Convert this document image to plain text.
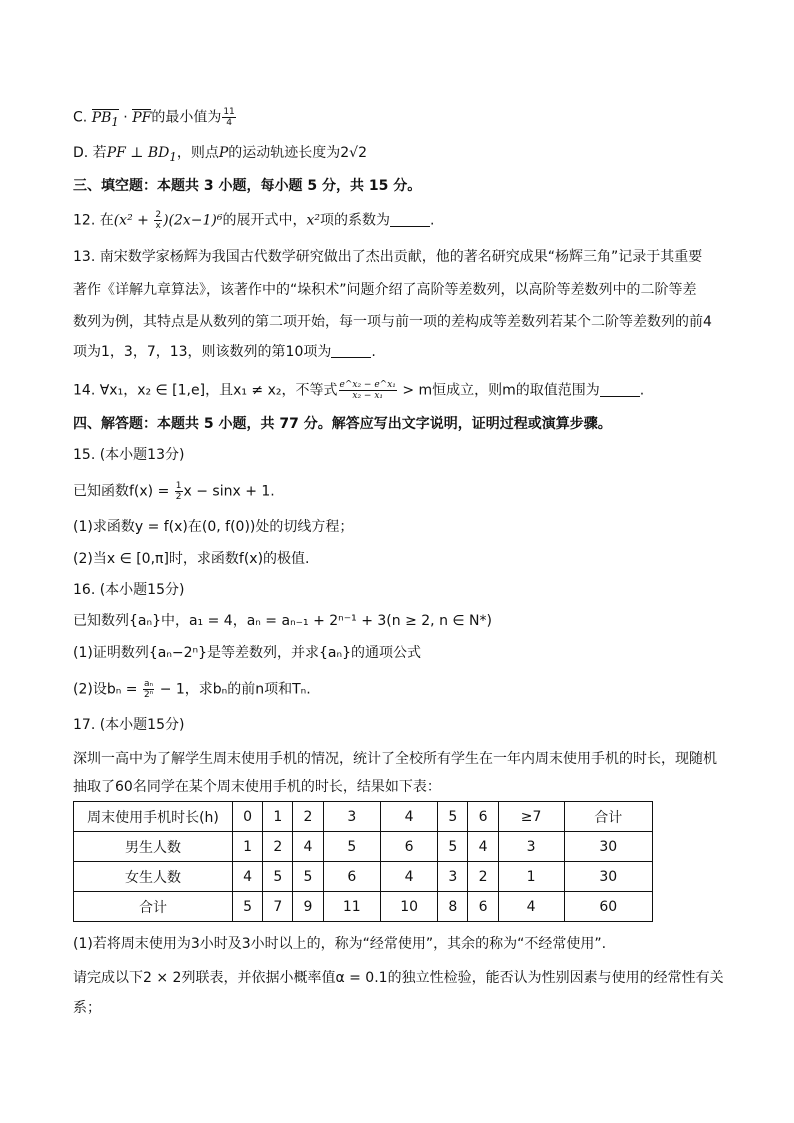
C. $PB_1$ · PF的最小值为 $\frac{11}{4}$
D. 若PF ⊥ $BD_1$，则点P的运动轨迹长度为2√2
三、填空题：本题共 3 小题，每小题 5 分，共 15 分。
12. 在$(x^2 + \frac{2}{x} )(2x-1)^6$的展开式中，x²项的系数为	.
13. 南宋数学家杨辉为我国古代数学研究做出了杰出贡献，他的著名研究成果“杨辉三角”记录于其重要
著作《详解九章算法》，该著作中的“垛积术”问题介绍了高阶等差数列，以高阶等差数列中的二阶等差
数列为例，其特点是从数列的第二项开始，每一项与前一项的差构成等差数列若某个二阶等差数列的前4
项为1，3，7，13，则该数列的第10项为	.
14. ∀x₁，x₂ ∈ [1,e]，且x₁ ≠ x₂，不等式 $\frac{\text{e\textasciicircum{}x₂ − e\textasciicircum{}x₁}}{\text{x₂ − x₁}} > m$恒成立，则m的取值范围为	.
四、解答题：本题共 5 小题，共 77 分。解答应写出文字说明，证明过程或演算步骤。
15. (本小题13分)
已知函数$f(x) = \frac{1}{2}$ x − sinx + 1.
(1)求函数y = f(x)在(0, f(0))处的切线方程；
(2)当x ∈ [0,π]时，求函数f(x)的极值.
16. (本小题15分)
已知数列{aₙ}中，a₁ = 4，aₙ = aₙ₋₁ + 2ⁿ⁻¹ + 3(n ≥ 2, n ∈ N*)
(1)证明数列{aₙ−2ⁿ}是等差数列，并求{aₙ}的通项公式
(2)设$b_n = \frac{\text{aₙ}}{\text{2ⁿ}} - 1$，求bₙ的前n项和Tₙ.
17. (本小题15分)
深圳一高中为了解学生周末使用手机的情况，统计了全校所有学生在一年内周末使用手机的时长，现随机
抽取了60名同学在某个周末使用手机的时长，结果如下表：
周末使用手机时长(h)	0	1	2	3	4	5	6	≥7	合计
男生人数	1	2	4	5	6	5	4	3	30
女生人数	4	5	5	6	4	3	2	1	30
合计	5	7	9	11	10	8	6	4	60
(1)若将周末使用为3小时及3小时以上的，称为“经常使用”，其余的称为“不经常使用”.
请完成以下2 × 2列联表，并依据小概率值α = 0.1的独立性检验，能否认为性别因素与使用的经常性有关
系；
